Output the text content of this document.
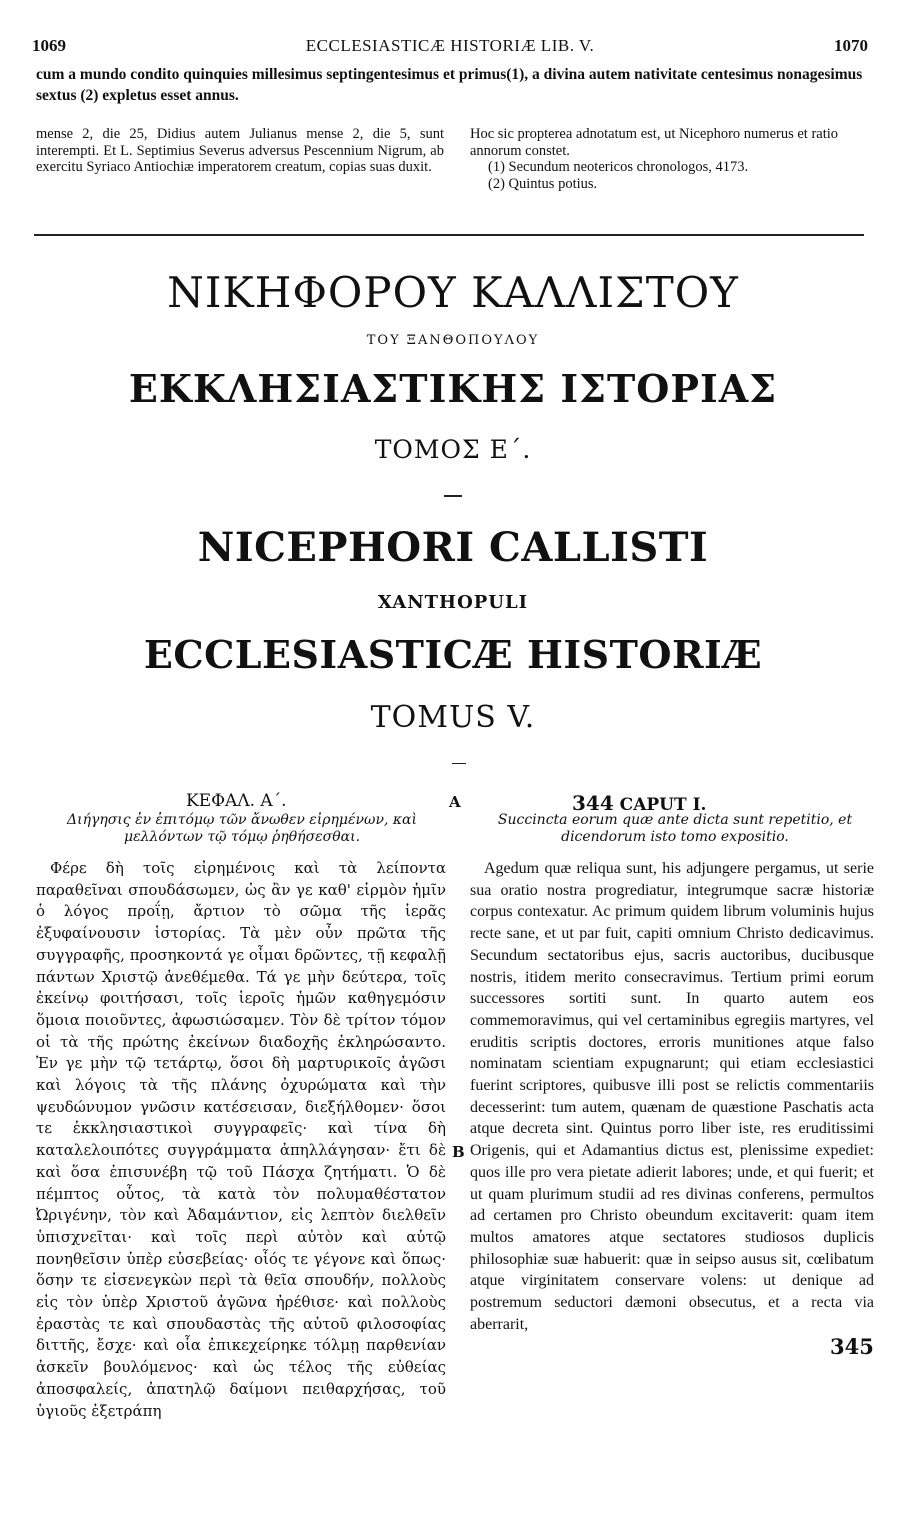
1069	ECCLESIASTICÆ HISTORIÆ LIB. V.	1070

cum a mundo condito quinquies millesimus septingentesimus et primus(1), a divina autem nativitate centesimus nonagesimus sextus (2) expletus esset annus.

mense 2, die 25, Didius autem Julianus mense 2, die 5, sunt interempti. Et L. Septimius Severus adversus Pescennium Nigrum, ab exercitu Syriaco Antiochiæ imperatorem creatum, copias suas duxit.

Hoc sic propterea adnotatum est, ut Nicephoro numerus et ratio annorum constet.

(1) Secundum neotericos chronologos, 4173.

(2) Quintus potius.

ΝΙΚΗΦΟΡΟΥ ΚΑΛΛΙΣΤΟΥ
ΤΟΥ ΞΑΝΘΟΠΟΥΛΟΥ
ΕΚΚΛΗΣΙΑΣΤΙΚΗΣ ΙΣΤΟΡΙΑΣ
ΤΟΜΟΣ Ε΄.
NICEPHORI CALLISTI
XANTHOPULI
ECCLESIASTICÆ HISTORIÆ
TOMUS V.
ΚΕΦΑΛ. Α΄.	344 CAPUT I.
A
B
345
Διήγησις ἐν ἐπιτόμῳ τῶν ἄνωθεν εἰρημένων, καὶ μελλόντων τῷ τόμῳ ῥηθήσεσθαι.
Succincta eorum quæ ante dicta sunt repetitio, et dicendorum isto tomo expositio.

Φέρε δὴ τοῖς εἰρημένοις καὶ τὰ λείποντα παραθεῖναι σπουδάσωμεν, ὡς ἂν γε καθ' εἱρμὸν ἡμῖν ὁ λόγος προΐῃ, ἄρτιον τὸ σῶμα τῆς ἱερᾶς ἐξυφαίνουσιν ἱστορίας. Τὰ μὲν οὖν πρῶτα τῆς συγγραφῆς, προσηκοντά γε οἶμαι δρῶντες, τῇ κεφαλῇ πάντων Χριστῷ ἀνεθέμεθα. Τά γε μὴν δεύτερα, τοῖς ἐκείνῳ φοιτήσασι, τοῖς ἱεροῖς ἡμῶν καθηγεμόσιν ὅμοια ποιοῦντες, ἀφωσιώσαμεν. Τὸν δὲ τρίτον τόμον οἱ τὰ τῆς πρώτης ἐκείνων διαδοχῆς ἐκληρώσαντο. Ἐν γε μὴν τῷ τετάρτῳ, ὅσοι δὴ μαρτυρικοῖς ἀγῶσι καὶ λόγοις τὰ τῆς πλάνης ὀχυρώματα καὶ τὴν ψευδώνυμον γνῶσιν κατέσεισαν, διεξήλθομεν· ὅσοι τε ἐκκλησιαστικοὶ συγγραφεῖς· καὶ τίνα δὴ καταλελοιπότες συγγράμματα ἀπηλλάγησαν· ἔτι δὲ καὶ ὅσα ἐπισυνέβη τῷ τοῦ Πάσχα ζητήματι. Ὁ δὲ πέμπτος οὗτος, τὰ κατὰ τὸν πολυμαθέστατον Ὠριγένην, τὸν καὶ Ἀδαμάντιον, εἰς λεπτὸν διελθεῖν ὑπισχνεῖται· καὶ τοῖς περὶ αὐτὸν καὶ αὐτῷ πονηθεῖσιν ὑπὲρ εὐσεβείας· οἷός τε γέγονε καὶ ὅπως· ὅσην τε εἰσενεγκὼν περὶ τὰ θεῖα σπουδήν, πολλοὺς εἰς τὸν ὑπὲρ Χριστοῦ ἀγῶνα ἠρέθισε· καὶ πολλοὺς ἐραστὰς τε καὶ σπουδαστὰς τῆς αὐτοῦ φιλοσοφίας διττῆς, ἔσχε· καὶ οἷα ἐπικεχείρηκε τόλμῃ παρθενίαν ἀσκεῖν βουλόμενος· καὶ ὡς τέλος τῆς εὐθείας ἀποσφαλείς, ἀπατηλῷ δαίμονι πειθαρχήσας, τοῦ ὑγιοῦς ἐξετράπη

Agedum quæ reliqua sunt, his adjungere pergamus, ut serie sua oratio nostra progrediatur, integrumque sacræ historiæ corpus contexatur. Ac primum quidem librum voluminis hujus recte sane, et ut par fuit, capiti omnium Christo dedicavimus. Secundum sectatoribus ejus, sacris auctoribus, ducibusque nostris, itidem merito consecravimus. Tertium primi eorum successores sortiti sunt. In quarto autem eos commemoravimus, qui vel certaminibus egregiis martyres, vel eruditis scriptis doctores, erroris munitiones atque falso nominatam scientiam expugnarunt; qui etiam ecclesiastici fuerint scriptores, quibusve illi post se relictis commentariis decesserint: tum autem, quænam de quæstione Paschatis acta atque decreta sint. Quintus porro liber iste, res eruditissimi Origenis, qui et Adamantius dictus est, plenissime expediet: quos ille pro vera pietate adierit labores; unde, et qui fuerit; et ut quam plurimum studii ad res divinas conferens, permultos ad certamen pro Christo obeundum excitaverit: quam item multos amatores atque sectatores studiosos duplicis philosophiæ suæ habuerit: quæ in seipso ausus sit, cœlibatum atque virginitatem conservare volens: ut denique ad postremum seductori dæmoni obsecutus, et a recta via aberrarit,
